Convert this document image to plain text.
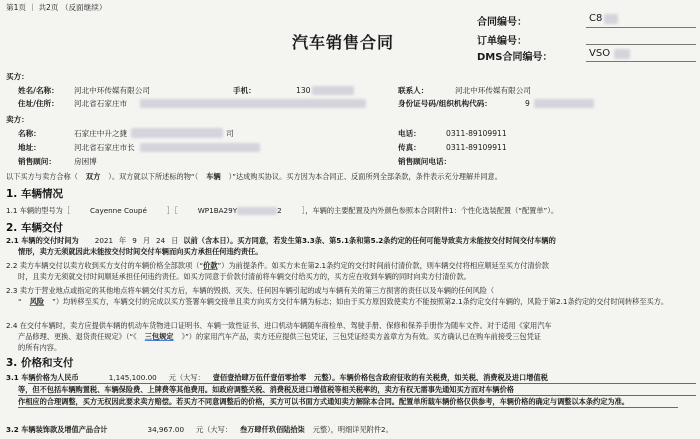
第1页 ｜ 共2页 （反面继续）
汽车销售合同
合同编号：	C8
订单编号：
DMS合同编号：	VSO
买方：
姓名/名称： 河北中环传媒有限公司	手机：	130	联系人：	河北中环传媒有限公司
住址/住所： 河北省石家庄市	身份证号码/组织机构代码：	9
卖方：
名称：	石家庄中升之捷	司	电话：	0311-89109911
地址：	河北省石家庄市长	传真：	0311-89109911
销售顾问： 房困博	销售顾问电话：
以下买方与卖方合称（ 双方 ）。双方就以下所述标的物“（ 车辆 ）”达成购买协议。买方因为本合同正、反面所列全部条款，条件表示充分理解并同意。
1. 车辆情况
1.1 车辆的型号为［	Cayenne Coupé	］［	WP1BA29Y	2	］，车辆的主要配置及内外颜色参照本合同附件1：个性化选装配置（“配置单”）。
2. 车辆交付
2.1 车辆的交付时间为 2021 年 9 月 24 日 以前（含本日）。买方同意，若发生第3.3条、第5.1条和第5.2条约定的任何可能导致卖方未能按交付时间交付车辆的
情形，卖方无须就因此未能按交付时间交付车辆而向买方承担任何违约责任。
2.2 卖方车辆交付以卖方收到买方支付的车辆价格全部款项（“价款”）为前提条件。如买方未在第2.1条约定的交付时间前付清价款，则车辆交付将相应顺延至买方付清价款
时，且卖方无须就交付时间顺延承担任何违约责任。如买方同意于价款付清前将车辆交付给买方的，买方应在收到车辆的同时向卖方付清价款。
2.3 卖方于营业地点或指定的其他地点将车辆交付买方后，车辆的毁损、灭失、任何因车辆引起的或与车辆有关的第三方损害的责任以及车辆的任何风险（
“ 风险 ”）均转移至买方，车辆交付的完成以买方签署车辆交接单且卖方向买方交付车辆为标志；如由于买方原因致使卖方不能按照第2.1条约定交付车辆的，风险于第2.1条约定的交付时间转移至买方。
2.4 在交付车辆时，卖方应提供车辆的机动车货物进口证明书、车辆一致性证书、进口机动车辆随车商检单、驾驶手册、保修和保养手册作为随车文件。对于适用《家用汽车
产品修理、更换、退货责任规定》（“《 三包规定 》”）的家用汽车产品，卖方还应提供三包凭证，三包凭证经卖方盖章方为有效。买方确认已在购车前接受三包凭证
的所有内容。
3. 价格和支付
3.1 车辆价格为人民币	1,145,100.00 元（大写： 壹佰壹拾肆万伍仟壹佰零拾零 元整）。车辆价格包含政府征收的有关税费，如关税、消费税及进口增值税
等，但不包括车辆购置税、车辆保险费、上牌费等其他费用。如政府调整关税、消费税及进口增值税等相关税率的，卖方有权无需事先通知买方而对车辆价格
作相应的合理调整，买方无权因此要求卖方赔偿。若买方不同意调整后的价格，买方可以书面方式通知卖方解除本合同。配置单所载车辆价格仅供参考，车辆价格的确定与调整以本条约定为准。
3.2 车辆装饰款及增值产品合计	34,967.00 元（大写： 叁万肆仟玖佰陆拾柒 元整），明细详见附件2。
